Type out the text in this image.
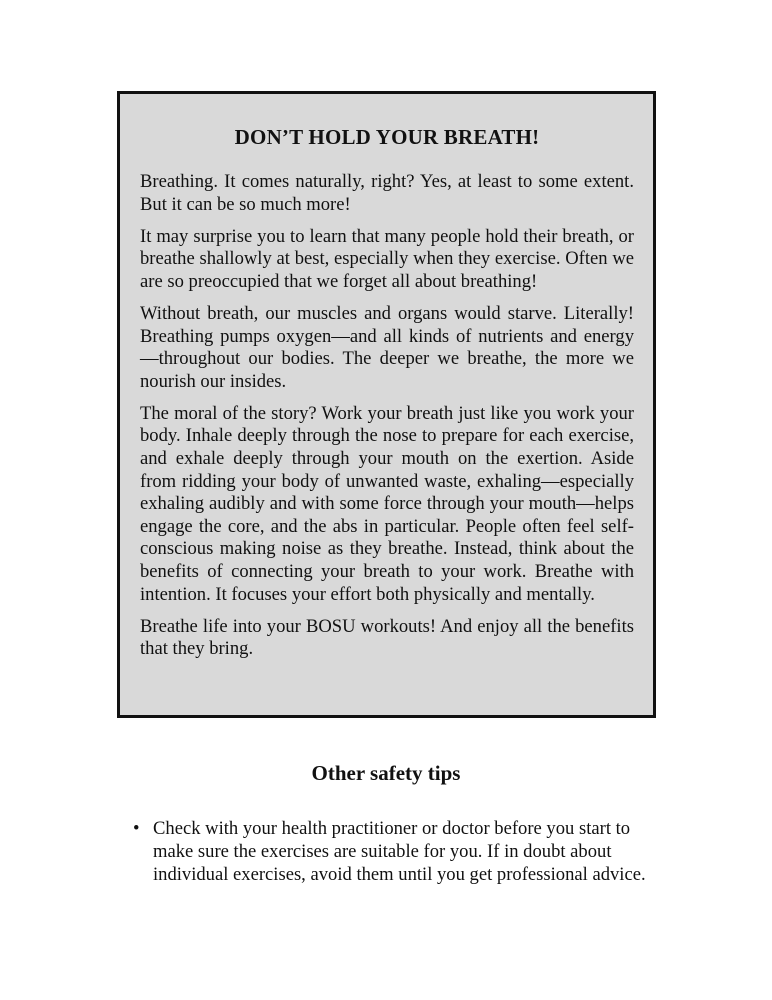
DON’T HOLD YOUR BREATH!

Breathing. It comes naturally, right? Yes, at least to some extent. But it can be so much more!

It may surprise you to learn that many people hold their breath, or breathe shallowly at best, especially when they exercise. Often we are so preoccupied that we forget all about breathing!

Without breath, our muscles and organs would starve. Literally! Breathing pumps oxygen—and all kinds of nutrients and energy —throughout our bodies. The deeper we breathe, the more we nourish our insides.

The moral of the story? Work your breath just like you work your body. Inhale deeply through the nose to prepare for each exercise, and exhale deeply through your mouth on the exertion. Aside from ridding your body of unwanted waste, exhaling—especially exhaling audibly and with some force through your mouth—helps engage the core, and the abs in particular. People often feel self-conscious making noise as they breathe. Instead, think about the benefits of connecting your breath to your work. Breathe with intention. It focuses your effort both physically and mentally.

Breathe life into your BOSU workouts! And enjoy all the benefits that they bring.

Other safety tips
• Check with your health practitioner or doctor before you start to make sure the exercises are suitable for you. If in doubt about individual exercises, avoid them until you get professional advice.
